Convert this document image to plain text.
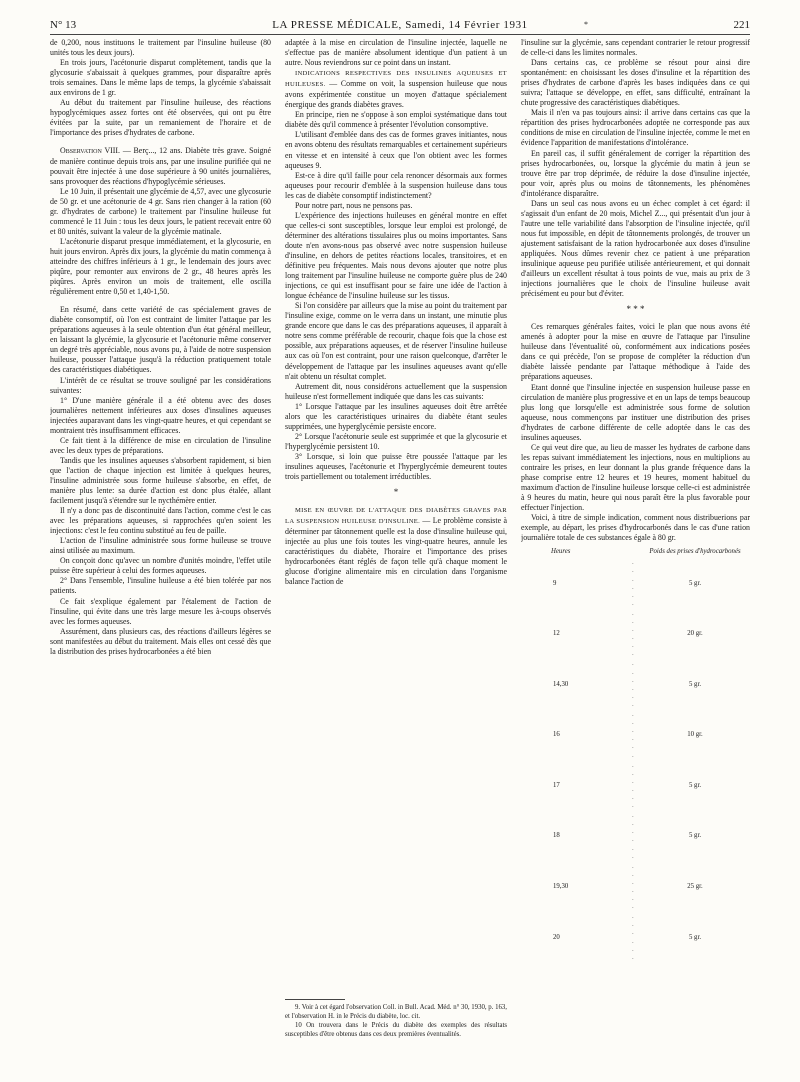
N° 13	LA PRESSE MÉDICALE, Samedi, 14 Février 1931	*	221

de 0,200, nous instituons le traitement par l'insuline huileuse (80 unités tous les deux jours).

En trois jours, l'acétonurie disparut complètement, tandis que la glycosurie s'abaissait à quelques grammes, pour disparaître après trois semaines. Dans le même laps de temps, la glycémie s'abaissait aux environs de 1 gr.

Au début du traitement par l'insuline huileuse, des réactions hypoglycémiques assez fortes ont été observées, qui ont pu être évitées par la suite, par un remaniement de l'horaire et de l'importance des prises d'hydrates de carbone.

Observation VIII. — Berç..., 12 ans. Diabète très grave. Soigné de manière continue depuis trois ans, par une insuline purifiée qui ne pouvait être injectée à une dose supérieure à 90 unités journalières, sans provoquer des réactions d'hypoglycémie sérieuses.

Le 10 Juin, il présentait une glycémie de 4,57, avec une glycosurie de 50 gr. et une acétonurie de 4 gr. Sans rien changer à la ration (60 gr. d'hydrates de carbone) le traitement par l'insuline huileuse fut commencé le 11 Juin : tous les deux jours, le patient recevait entre 60 et 80 unités, suivant la valeur de la glycémie matinale.

L'acétonurie disparut presque immédiatement, et la glycosurie, en huit jours environ. Après dix jours, la glycémie du matin commença à atteindre des chiffres inférieurs à 1 gr., le lendemain des jours avec piqûre, pour remonter aux environs de 2 gr., 48 heures après les piqûres. Après environ un mois de traitement, elle oscilla régulièrement entre 0,50 et 1,40-1,50.

En résumé, dans cette variété de cas spécialement graves de diabète consomptif, où l'on est contraint de limiter l'attaque par les préparations aqueuses à la seule obtention d'un état général meilleur, en laissant la glycémie, la glycosurie et l'acétonurie même conserver un degré très appréciable, nous avons pu, à l'aide de notre suspension huileuse, pousser l'attaque jusqu'à la réduction pratiquement totale des caractéristiques diabétiques.

L'intérêt de ce résultat se trouve souligné par les considérations suivantes:

1° D'une manière générale il a été obtenu avec des doses journalières nettement inférieures aux doses d'insulines aqueuses injectées auparavant dans les vingt-quatre heures, et qui cependant se montraient très insuffisamment efficaces.

Ce fait tient à la différence de mise en circulation de l'insuline avec les deux types de préparations.

Tandis que les insulines aqueuses s'absorbent rapidement, si bien que l'action de chaque injection est limitée à quelques heures, l'insuline administrée sous forme huileuse s'absorbe, en effet, de manière plus lente: sa durée d'action est donc plus étalée, allant facilement jusqu'à s'étendre sur le nycthémère entier.

Il n'y a donc pas de discontinuité dans l'action, comme c'est le cas avec les préparations aqueuses, si rapprochées qu'en soient les injections: c'est le feu continu substitué au feu de paille.

L'action de l'insuline administrée sous forme huileuse se trouve ainsi utilisée au maximum.

On conçoit donc qu'avec un nombre d'unités moindre, l'effet utile puisse être supérieur à celui des formes aqueuses.

2° Dans l'ensemble, l'insuline huileuse a été bien tolérée par nos patients.

Ce fait s'explique également par l'étalement de l'action de l'insuline, qui évite dans une très large mesure les à-coups observés avec les formes aqueuses.

Assurément, dans plusieurs cas, des réactions d'ailleurs légères se sont manifestées au début du traitement. Mais elles ont cessé dès que la distribution des prises hydrocarbonées a été bien

adaptée à la mise en circulation de l'insuline injectée, laquelle ne s'effectue pas de manière absolument identique d'un patient à un autre. Nous reviendrons sur ce point dans un instant.

INDICATIONS RESPECTIVES DES INSULINES AQUEUSES ET HUILEUSES. — Comme on voit, la suspension huileuse que nous avons expérimentée constitue un moyen d'attaque spécialement énergique des grands diabètes graves.

En principe, rien ne s'oppose à son emploi systématique dans tout diabète dès qu'il commence à présenter l'évolution consomptive.

L'utilisant d'emblée dans des cas de formes graves initiantes, nous en avons obtenu des résultats remarquables et certainement supérieurs en vitesse et en intensité à ceux que l'on obtient avec les formes aqueuses 9.

Est-ce à dire qu'il faille pour cela renoncer désormais aux formes aqueuses pour recourir d'emblée à la suspension huileuse dans tous les cas de diabète consomptif indistinctement?

Pour notre part, nous ne pensons pas.

L'expérience des injections huileuses en général montre en effet que celles-ci sont susceptibles, lorsque leur emploi est prolongé, de déterminer des altérations tissulaires plus ou moins importantes. Sans doute n'en avons-nous pas observé avec notre suspension huileuse d'insuline, en dehors de petites réactions locales, transitoires, et en définitive peu fréquentes. Mais nous devons ajouter que notre plus long traitement par l'insuline huileuse ne comporte guère plus de 240 injections, ce qui est insuffisant pour se faire une idée de l'action à longue échéance de l'insuline huileuse sur les tissus.

Si l'on considère par ailleurs que la mise au point du traitement par l'insuline exige, comme on le verra dans un instant, une minutie plus grande encore que dans le cas des préparations aqueuses, il apparaît à notre sens comme préférable de recourir, chaque fois que la chose est possible, aux préparations aqueuses, et de réserver l'insuline huileuse aux cas où l'on est contraint, pour une raison quelconque, d'arrêter le développement de l'attaque par les insulines aqueuses avant qu'elle n'ait obtenu un résultat complet.

Autrement dit, nous considérons actuellement que la suspension huileuse n'est formellement indiquée que dans les cas suivants:

1° Lorsque l'attaque par les insulines aqueuses doit être arrêtée alors que les caractéristiques urinaires du diabète étant seules supprimées, une hyperglycémie persiste encore.

2° Lorsque l'acétonurie seule est supprimée et que la glycosurie et l'hyperglycémie persistent 10.

3° Lorsque, si loin que puisse être poussée l'attaque par les insulines aqueuses, l'acétonurie et l'hyperglycémie demeurent toutes trois partiellement ou totalement irréductibles.

*

MISE EN ŒUVRE DE L'ATTAQUE DES DIABÈTES GRAVES PAR LA SUSPENSION HUILEUSE D'INSULINE. — Le problème consiste à déterminer par tâtonnement quelle est la dose d'insuline huileuse qui, injectée au plus une fois toutes les vingt-quatre heures, annule les caractéristiques du diabète, l'horaire et l'importance des prises hydrocarbonées étant réglés de façon telle qu'à chaque moment le glucose d'origine alimentaire mis en circulation dans l'organisme balance l'action de

9. Voir à cet égard l'observation Coll. in Bull. Acad. Méd. n° 30, 1930, p. 163, et l'observation H. in le Précis du diabète, loc. cit.

10 On trouvera dans le Précis du diabète des exemples des résultats susceptibles d'être obtenus dans ces deux premières éventualités.

l'insuline sur la glycémie, sans cependant contrarier le retour progressif de celle-ci dans les limites normales.

Dans certains cas, ce problème se résout pour ainsi dire spontanément: en choisissant les doses d'insuline et la répartition des prises d'hydrates de carbone d'après les bases indiquées dans ce qui suivra; l'attaque se développe, en effet, sans difficulté, entraînant la chute progressive des caractéristiques diabétiques.

Mais il n'en va pas toujours ainsi: il arrive dans certains cas que la répartition des prises hydrocarbonées adoptée ne corresponde pas aux conditions de mise en circulation de l'insuline injectée, comme le met en évidence l'apparition de manifestations d'intolérance.

En pareil cas, il suffit généralement de corriger la répartition des prises hydrocarbonées, ou, lorsque la glycémie du matin à jeun se trouve être par trop déprimée, de réduire la dose d'insuline injectée, pour voir, après plus ou moins de tâtonnements, les phénomènes d'intolérance disparaître.

Dans un seul cas nous avons eu un échec complet à cet égard: il s'agissait d'un enfant de 20 mois, Michel Z..., qui présentait d'un jour à l'autre une telle variabilité dans l'absorption de l'insuline injectée, qu'il nous fut impossible, en dépit de tâtonnements prolongés, de trouver un ajustement satisfaisant de la ration hydrocarbonée aux doses d'insuline appliquées. Nous dûmes revenir chez ce patient à une préparation insulinique aqueuse peu purifiée utilisée antérieurement, et qui donnait d'ailleurs un excellent résultat à tous points de vue, mais au prix de 3 injections journalières que le choix de l'insuline huileuse avait précisément eu pour but d'éviter.

* * *

Ces remarques générales faites, voici le plan que nous avons été amenés à adopter pour la mise en œuvre de l'attaque par l'insuline huileuse dans l'éventualité où, conformément aux indications posées dans ce qui précède, l'on se propose de compléter la réduction d'un diabète laissée pendante par l'attaque méthodique à l'aide des préparations aqueuses.

Etant donné que l'insuline injectée en suspension huileuse passe en circulation de manière plus progressive et en un laps de temps beaucoup plus long que lorsqu'elle est administrée sous forme de solution aqueuse, nous commençons par instituer une distribution des prises d'hydrates de carbone différente de celle adoptée dans le cas des insulines aqueuses.

Ce qui veut dire que, au lieu de masser les hydrates de carbone dans les repas suivant immédiatement les injections, nous en multiplions au contraire les prises, en leur donnant la plus grande fréquence dans la phase comprise entre 12 heures et 19 heures, moment habituel du maximum d'action de l'insuline huileuse lorsque celle-ci est administrée à 9 heures du matin, heure qui nous paraît être la plus favorable pour effectuer l'injection.

Voici, à titre de simple indication, comment nous distribuerions par exemple, au départ, les prises d'hydrocarbonés dans le cas d'une ration journalière totale de ces substances égale à 80 gr.

Heures		Poids des prises d'hydrocarbonés
9	. . . . . .	5 gr.
12	. . . . . .	20 gr.
14,30	. . . . . .	5 gr.
16	. . . . . .	10 gr.
17	. . . . . .	5 gr.
18	. . . . . .	5 gr.
19,30	. . . . . .	25 gr.
20	. . . . . .	5 gr.
